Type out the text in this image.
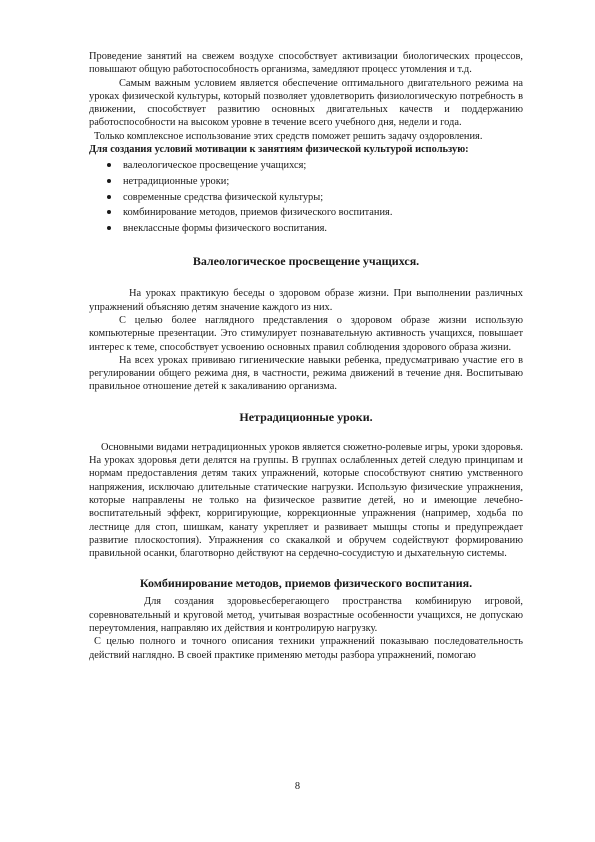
Проведение занятий на свежем воздухе способствует активизации биологических процессов, повышают общую работоспособность организма, замедляют процесс утомления и т.д.

Самым важным условием является обеспечение оптимального двигательного режима на уроках физической культуры, который позволяет удовлетворить физиологическую потребность в движении, способствует развитию основных двигательных качеств и поддержанию работоспособности на высоком уровне в течение всего учебного дня, недели и года.

Только комплексное использование этих средств поможет решить задачу оздоровления.

Для создания условий мотивации к занятиям физической культурой использую:

валеологическое просвещение учащихся;
нетрадиционные уроки;
современные средства физической культуры;
комбинирование методов, приемов физического воспитания.
внеклассные формы физического воспитания.
Валеологическое просвещение учащихся.

На уроках практикую беседы о здоровом образе жизни. При выполнении различных упражнений объясняю детям значение каждого из них.

С целью более наглядного представления о здоровом образе жизни использую компьютерные презентации. Это стимулирует познавательную активность учащихся, повышает интерес к теме, способствует усвоению основных правил соблюдения здорового образа жизни.

На всех уроках прививаю гигиенические навыки ребенка, предусматриваю участие его в регулировании общего режима дня, в частности, режима движений в течение дня. Воспитываю правильное отношение детей к закаливанию организма.

Нетрадиционные уроки.

Основными видами нетрадиционных уроков является сюжетно-ролевые игры, уроки здоровья. На уроках здоровья дети делятся на группы. В группах ослабленных детей следую принципам и нормам предоставления детям таких упражнений, которые способствуют снятию умственного напряжения, исключаю длительные статические нагрузки. Использую физические упражнения, которые направлены не только на физическое развитие детей, но и имеющие лечебно-воспитательный эффект, корригирующие, коррекционные упражнения (например, ходьба по лестнице для стоп, шишкам, канату укрепляет и развивает мышцы стопы и предупреждает развитие плоскостопия). Упражнения со скакалкой и обручем содействуют формированию правильной осанки, благотворно действуют на сердечно-сосудистую и дыхательную системы.

Комбинирование методов, приемов физического воспитания.

Для создания здоровьесберегающего пространства комбинирую игровой, соревновательный и круговой метод, учитывая возрастные особенности учащихся, не допускаю переутомления, направляю их действия и контролирую нагрузку.

С целью полного и точного описания техники упражнений показываю последовательность действий наглядно. В своей практике применяю методы разбора упражнений, помогаю

8
